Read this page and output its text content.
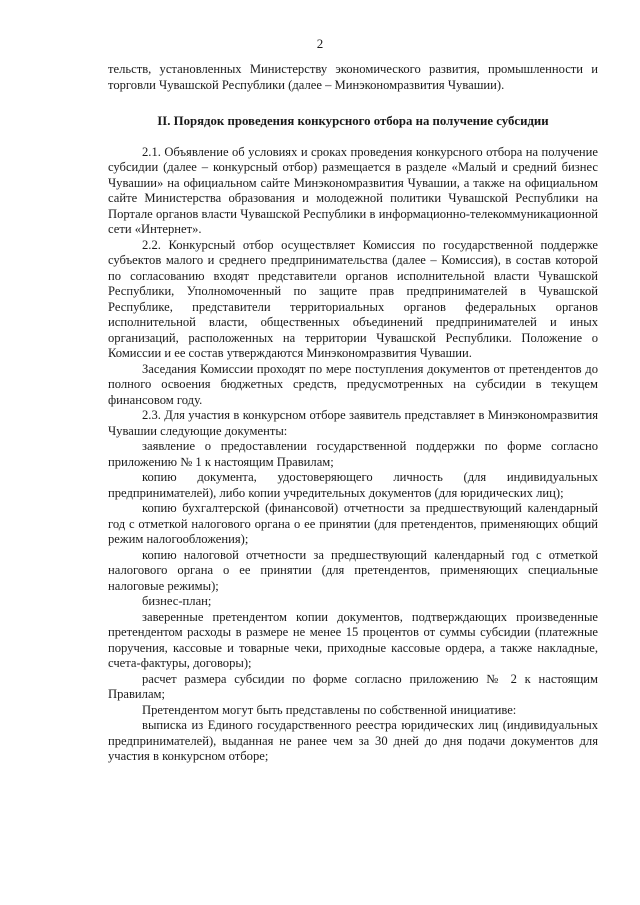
2

тельств, установленных Министерству экономического развития, промышленности и торговли Чувашской Республики (далее – Минэкономразвития Чувашии).

II. Порядок проведения конкурсного отбора на получение субсидии

2.1. Объявление об условиях и сроках проведения конкурсного отбора на получение субсидии (далее – конкурсный отбор) размещается в разделе «Малый и средний бизнес Чувашии» на официальном сайте Минэкономразвития Чувашии, а также на официальном сайте Министерства образования и молодежной политики Чувашской Республики на Портале органов власти Чувашской Республики в информационно-телекоммуникационной сети «Интернет».

2.2. Конкурсный отбор осуществляет Комиссия по государственной поддержке субъектов малого и среднего предпринимательства (далее – Комиссия), в состав которой по согласованию входят представители органов исполнительной власти Чувашской Республики, Уполномоченный по защите прав предпринимателей в Чувашской Республике, представители территориальных органов федеральных органов исполнительной власти, общественных объединений предпринимателей и иных организаций, расположенных на территории Чувашской Республики. Положение о Комиссии и ее состав утверждаются Минэкономразвития Чувашии.

Заседания Комиссии проходят по мере поступления документов от претендентов до полного освоения бюджетных средств, предусмотренных на субсидии в текущем финансовом году.

2.3. Для участия в конкурсном отборе заявитель представляет в Минэкономразвития Чувашии следующие документы:

заявление о предоставлении государственной поддержки по форме согласно приложению № 1 к настоящим Правилам;

копию документа, удостоверяющего личность (для индивидуальных предпринимателей), либо копии учредительных документов (для юридических лиц);

копию бухгалтерской (финансовой) отчетности за предшествующий календарный год с отметкой налогового органа о ее принятии (для претендентов, применяющих общий режим налогообложения);

копию налоговой отчетности за предшествующий календарный год с отметкой налогового органа о ее принятии (для претендентов, применяющих специальные налоговые режимы);

бизнес-план;

заверенные претендентом копии документов, подтверждающих произведенные претендентом расходы в размере не менее 15 процентов от суммы субсидии (платежные поручения, кассовые и товарные чеки, приходные кассовые ордера, а также накладные, счета-фактуры, договоры);

расчет размера субсидии по форме согласно приложению № 2 к настоящим Правилам;

Претендентом могут быть представлены по собственной инициативе:

выписка из Единого государственного реестра юридических лиц (индивидуальных предпринимателей), выданная не ранее чем за 30 дней до дня подачи документов для участия в конкурсном отборе;
